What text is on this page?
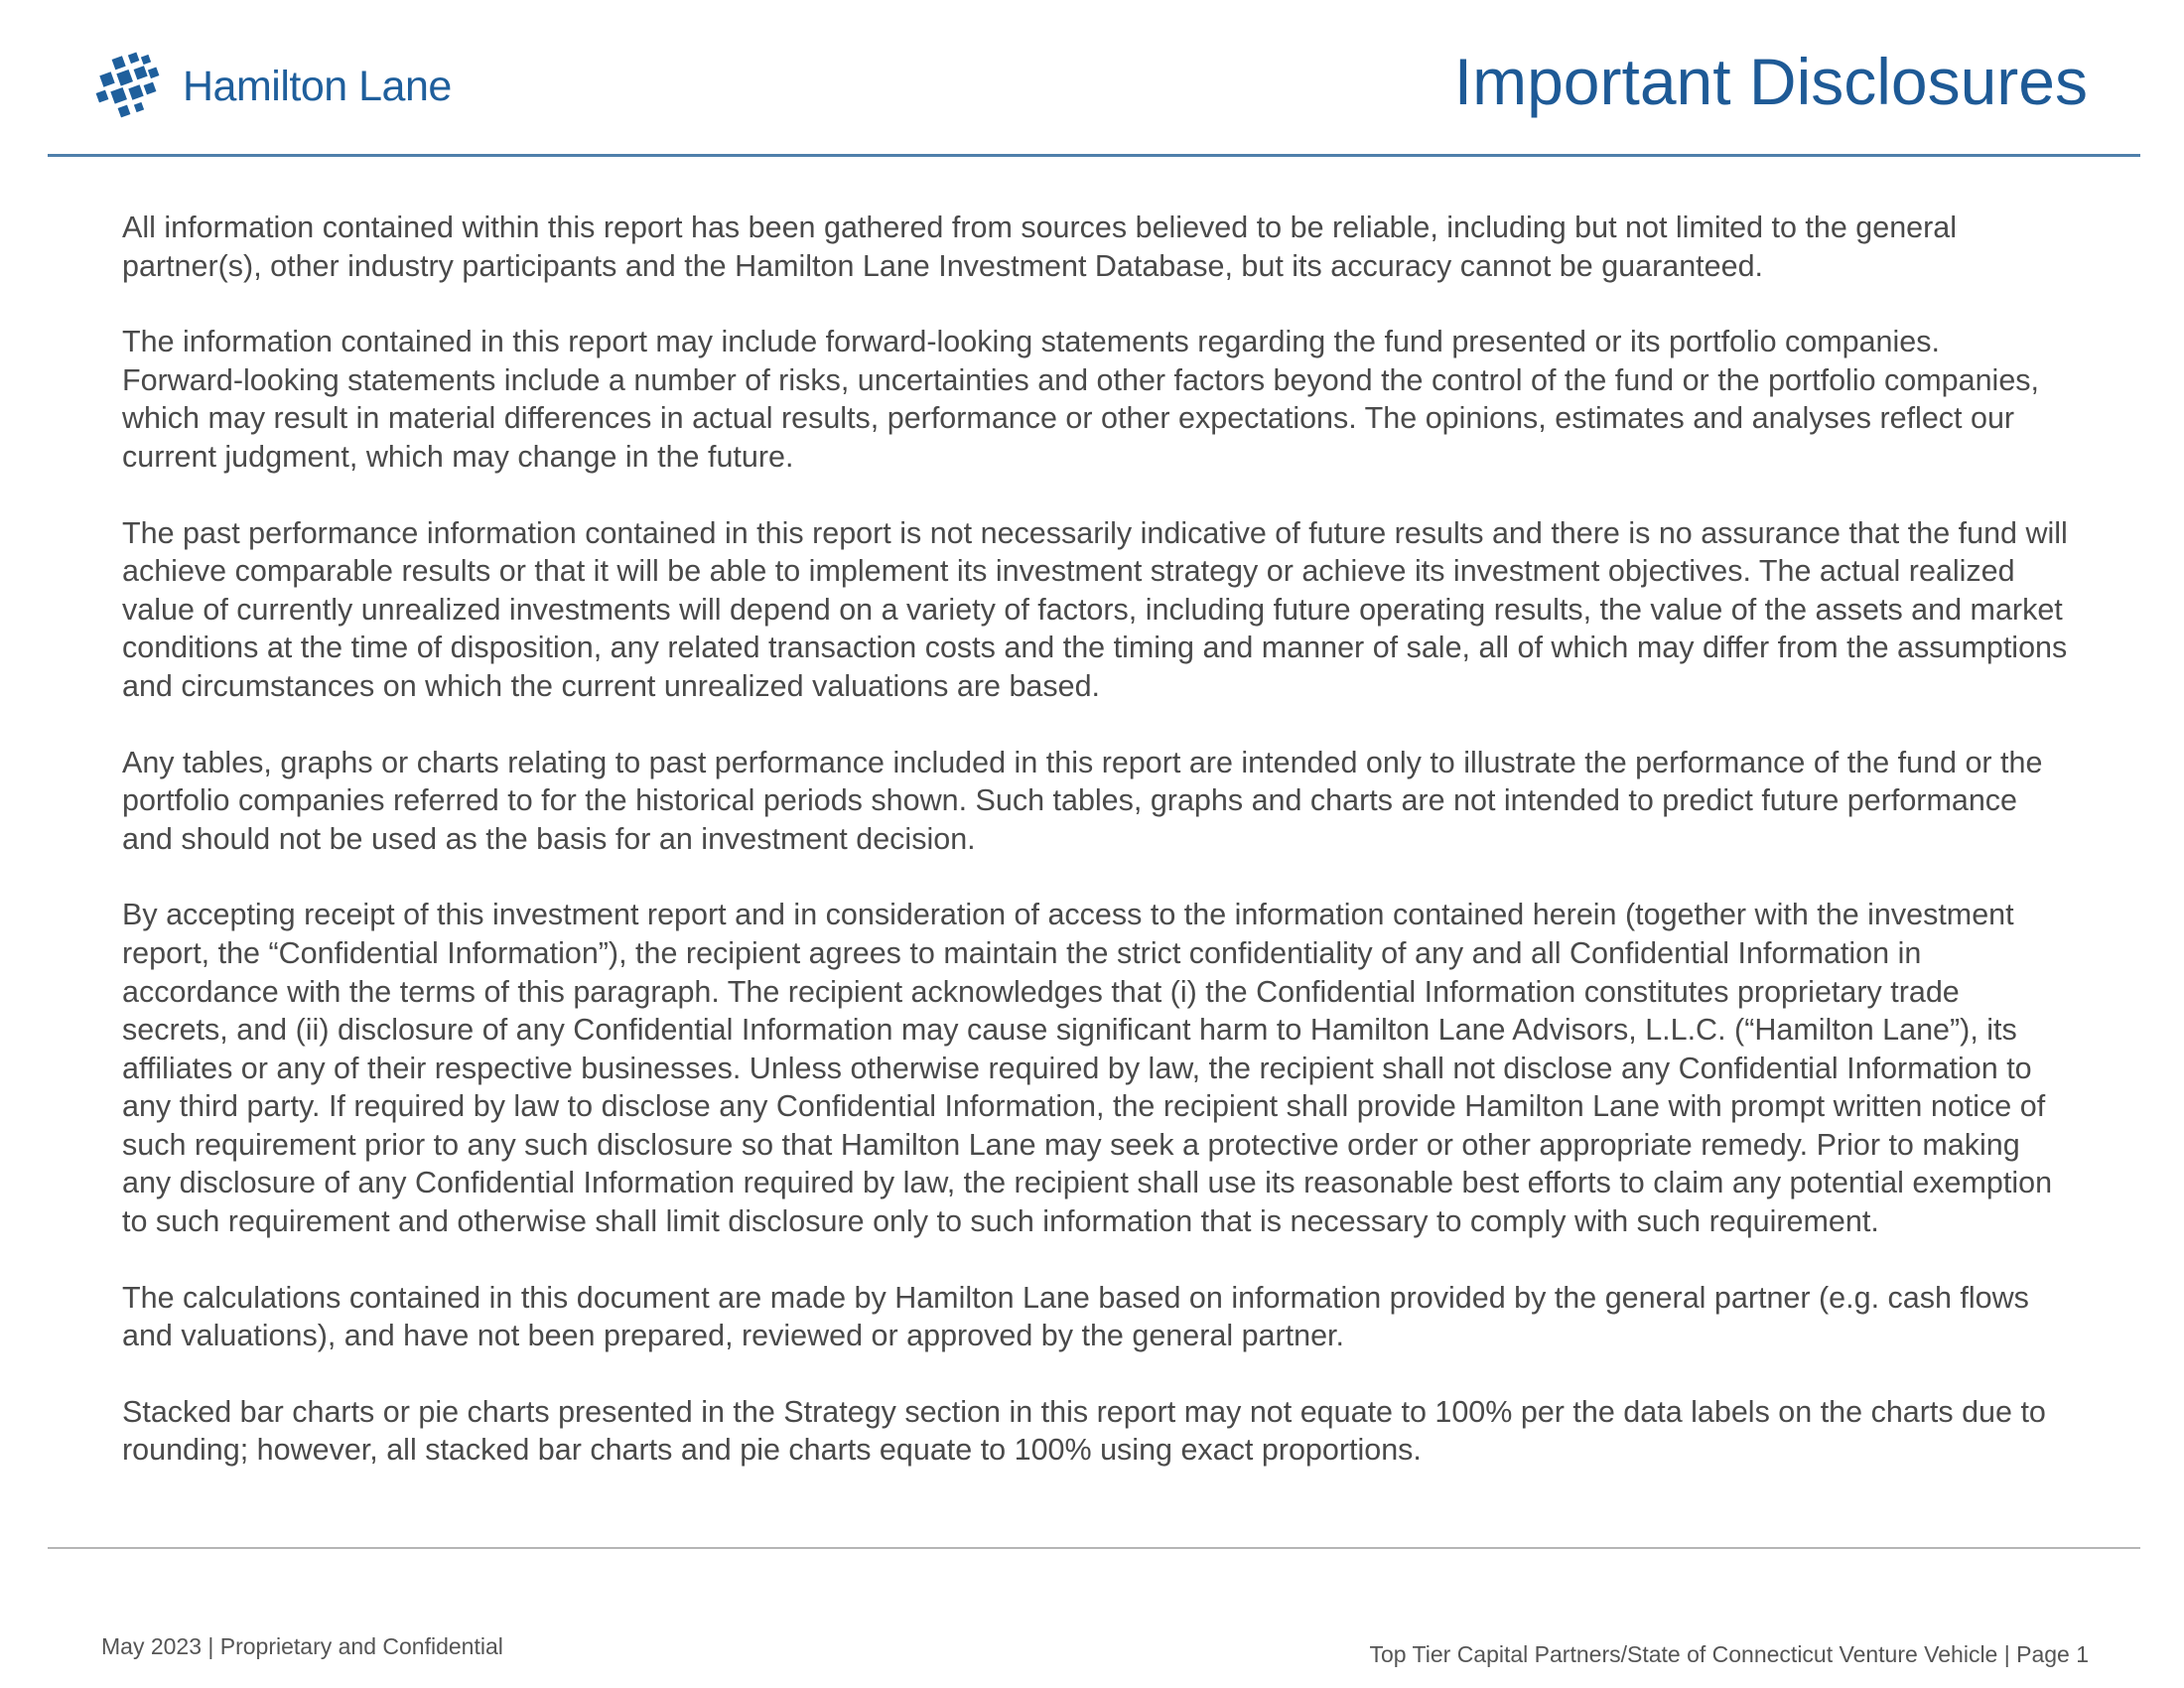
Hamilton Lane	Important Disclosures

All information contained within this report has been gathered from sources believed to be reliable, including but not limited to the general partner(s), other industry participants and the Hamilton Lane Investment Database, but its accuracy cannot be guaranteed.

The information contained in this report may include forward-looking statements regarding the fund presented or its portfolio companies. Forward-looking statements include a number of risks, uncertainties and other factors beyond the control of the fund or the portfolio companies, which may result in material differences in actual results, performance or other expectations. The opinions, estimates and analyses reflect our current judgment, which may change in the future.

The past performance information contained in this report is not necessarily indicative of future results and there is no assurance that the fund will achieve comparable results or that it will be able to implement its investment strategy or achieve its investment objectives. The actual realized value of currently unrealized investments will depend on a variety of factors, including future operating results, the value of the assets and market conditions at the time of disposition, any related transaction costs and the timing and manner of sale, all of which may differ from the assumptions and circumstances on which the current unrealized valuations are based.

Any tables, graphs or charts relating to past performance included in this report are intended only to illustrate the performance of the fund or the portfolio companies referred to for the historical periods shown. Such tables, graphs and charts are not intended to predict future performance and should not be used as the basis for an investment decision.

By accepting receipt of this investment report and in consideration of access to the information contained herein (together with the investment report, the “Confidential Information”), the recipient agrees to maintain the strict confidentiality of any and all Confidential Information in accordance with the terms of this paragraph. The recipient acknowledges that (i) the Confidential Information constitutes proprietary trade secrets, and (ii) disclosure of any Confidential Information may cause significant harm to Hamilton Lane Advisors, L.L.C. (“Hamilton Lane”), its affiliates or any of their respective businesses. Unless otherwise required by law, the recipient shall not disclose any Confidential Information to any third party. If required by law to disclose any Confidential Information, the recipient shall provide Hamilton Lane with prompt written notice of such requirement prior to any such disclosure so that Hamilton Lane may seek a protective order or other appropriate remedy. Prior to making any disclosure of any Confidential Information required by law, the recipient shall use its reasonable best efforts to claim any potential exemption to such requirement and otherwise shall limit disclosure only to such information that is necessary to comply with such requirement.

The calculations contained in this document are made by Hamilton Lane based on information provided by the general partner (e.g. cash flows and valuations), and have not been prepared, reviewed or approved by the general partner.

Stacked bar charts or pie charts presented in the Strategy section in this report may not equate to 100% per the data labels on the charts due to rounding; however, all stacked bar charts and pie charts equate to 100% using exact proportions.

May 2023 | Proprietary and Confidential	Top Tier Capital Partners/State of Connecticut Venture Vehicle | Page 1
